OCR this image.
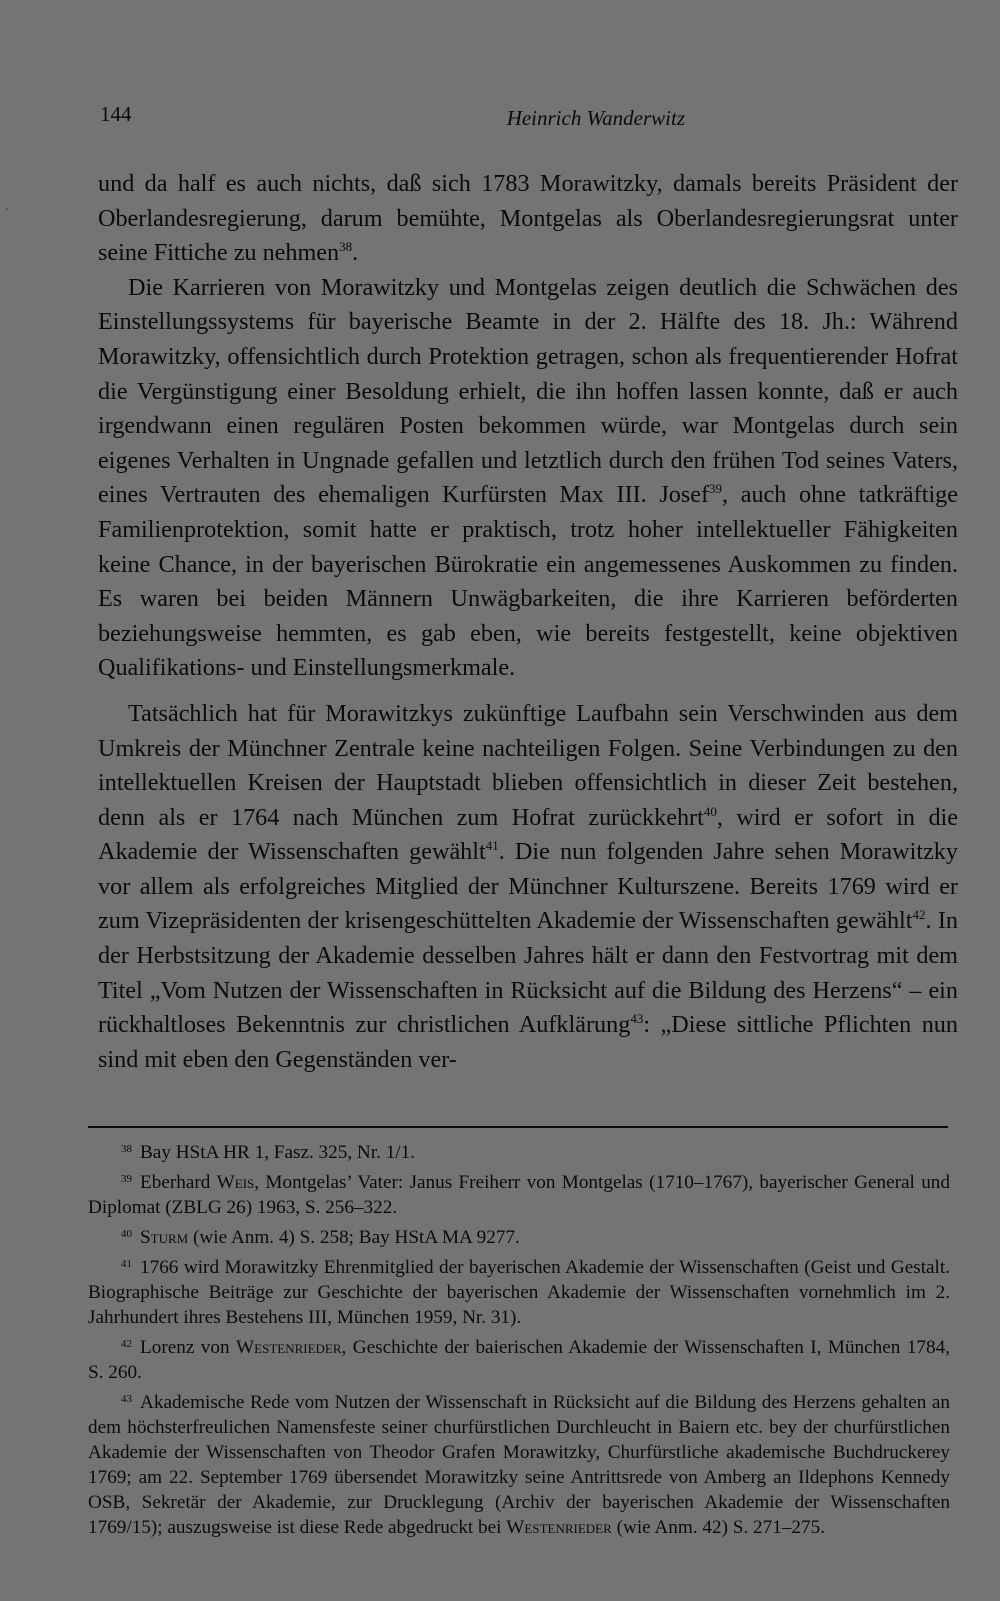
`
144	Heinrich Wanderwitz

und da half es auch nichts, daß sich 1783 Morawitzky, damals bereits Präsident der Oberlandesregierung, darum bemühte, Montgelas als Oberlandesregierungsrat unter seine Fittiche zu nehmen$^{38}$.

Die Karrieren von Morawitzky und Montgelas zeigen deutlich die Schwächen des Einstellungssystems für bayerische Beamte in der 2. Hälfte des 18. Jh.: Während Morawitzky, offensichtlich durch Protektion getragen, schon als frequentierender Hofrat die Vergünstigung einer Besoldung erhielt, die ihn hoffen lassen konnte, daß er auch irgendwann einen regulären Posten bekommen würde, war Montgelas durch sein eigenes Verhalten in Ungnade gefallen und letztlich durch den frühen Tod seines Vaters, eines Vertrauten des ehemaligen Kurfürsten Max III. Josef$^{39}$, auch ohne tatkräftige Familienprotektion, somit hatte er praktisch, trotz hoher intellektueller Fähigkeiten keine Chance, in der bayerischen Bürokratie ein angemessenes Auskommen zu finden. Es waren bei beiden Männern Unwägbarkeiten, die ihre Karrieren beförderten beziehungsweise hemmten, es gab eben, wie bereits festgestellt, keine objektiven Qualifikations- und Einstellungsmerkmale.

Tatsächlich hat für Morawitzkys zukünftige Laufbahn sein Verschwinden aus dem Umkreis der Münchner Zentrale keine nachteiligen Folgen. Seine Verbindungen zu den intellektuellen Kreisen der Hauptstadt blieben offensichtlich in dieser Zeit bestehen, denn als er 1764 nach München zum Hofrat zurückkehrt$^{40}$, wird er sofort in die Akademie der Wissenschaften gewählt$^{41}$. Die nun folgenden Jahre sehen Morawitzky vor allem als erfolgreiches Mitglied der Münchner Kulturszene. Bereits 1769 wird er zum Vizepräsidenten der krisengeschüttelten Akademie der Wissenschaften gewählt$^{42}$. In der Herbstsitzung der Akademie desselben Jahres hält er dann den Festvortrag mit dem Titel „Vom Nutzen der Wissenschaften in Rücksicht auf die Bildung des Herzens“ – ein rückhaltloses Bekenntnis zur christlichen Aufklärung$^{43}$: „Diese sittliche Pflichten nun sind mit eben den Gegenständen ver-

38 Bay HStA HR 1, Fasz. 325, Nr. 1/1.

39 Eberhard Weis, Montgelas’ Vater: Janus Freiherr von Montgelas (1710–1767), bayerischer General und Diplomat (ZBLG 26) 1963, S. 256–322.

40 Sturm (wie Anm. 4) S. 258; Bay HStA MA 9277.

41 1766 wird Morawitzky Ehrenmitglied der bayerischen Akademie der Wissenschaften (Geist und Gestalt. Biographische Beiträge zur Geschichte der bayerischen Akademie der Wissenschaften vornehmlich im 2. Jahrhundert ihres Bestehens III, München 1959, Nr. 31).

42 Lorenz von Westenrieder, Geschichte der baierischen Akademie der Wissenschaften I, München 1784, S. 260.

43 Akademische Rede vom Nutzen der Wissenschaft in Rücksicht auf die Bildung des Herzens gehalten an dem höchsterfreulichen Namensfeste seiner churfürstlichen Durchleucht in Baiern etc. bey der churfürstlichen Akademie der Wissenschaften von Theodor Grafen Morawitzky, Churfürstliche akademische Buchdruckerey 1769; am 22. September 1769 übersendet Morawitzky seine Antrittsrede von Amberg an Ildephons Kennedy OSB, Sekretär der Akademie, zur Drucklegung (Archiv der bayerischen Akademie der Wissenschaften 1769/15); auszugsweise ist diese Rede abgedruckt bei Westenrieder (wie Anm. 42) S. 271–275.
